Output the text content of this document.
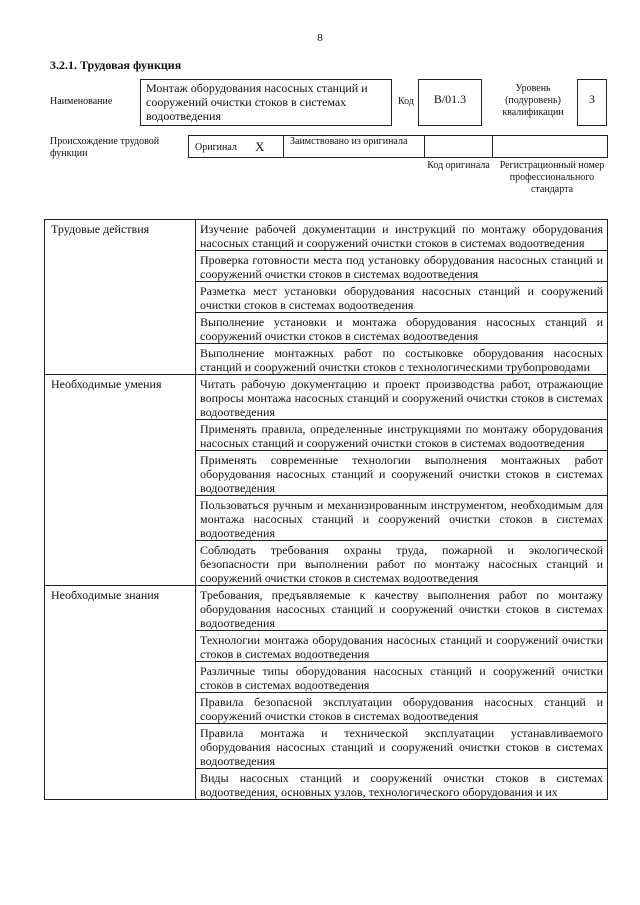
8
3.2.1. Трудовая функция
Наименование
Монтаж оборудования насосных станций и сооружений очистки стоков в системах водоотведения
Код	B/01.3
Уровень (подуровень) квалификации
3
Происхождение трудовой функции
Оригинал X	Заимствовано из оригинала
Код оригинала Регистрационный номер профессионального стандарта
Трудовые действия	Изучение рабочей документации и инструкций по монтажу оборудования насосных станций и сооружений очистки стоков в системах водоотведения
	Проверка готовности места под установку оборудования насосных станций и сооружений очистки стоков в системах водоотведения
	Разметка мест установки оборудования насосных станций и сооружений очистки стоков в системах водоотведения
	Выполнение установки и монтажа оборудования насосных станций и сооружений очистки стоков в системах водоотведения
	Выполнение монтажных работ по состыковке оборудования насосных станций и сооружений очистки стоков с технологическими трубопроводами
Необходимые умения	Читать рабочую документацию и проект производства работ, отражающие вопросы монтажа насосных станций и сооружений очистки стоков в системах водоотведения
	Применять правила, определенные инструкциями по монтажу оборудования насосных станций и сооружений очистки стоков в системах водоотведения
	Применять современные технологии выполнения монтажных работ оборудования насосных станций и сооружений очистки стоков в системах водоотведения
	Пользоваться ручным и механизированным инструментом, необходимым для монтажа насосных станций и сооружений очистки стоков в системах водоотведения
	Соблюдать требования охраны труда, пожарной и экологической безопасности при выполнении работ по монтажу насосных станций и сооружений очистки стоков в системах водоотведения
Необходимые знания	Требования, предъявляемые к качеству выполнения работ по монтажу оборудования насосных станций и сооружений очистки стоков в системах водоотведения
	Технологии монтажа оборудования насосных станций и сооружений очистки стоков в системах водоотведения
	Различные типы оборудования насосных станций и сооружений очистки стоков в системах водоотведения
	Правила безопасной эксплуатации оборудования насосных станций и сооружений очистки стоков в системах водоотведения
	Правила монтажа и технической эксплуатации устанавливаемого оборудования насосных станций и сооружений очистки стоков в системах водоотведения
	Виды насосных станций и сооружений очистки стоков в системах водоотведения, основных узлов, технологического оборудования и их
